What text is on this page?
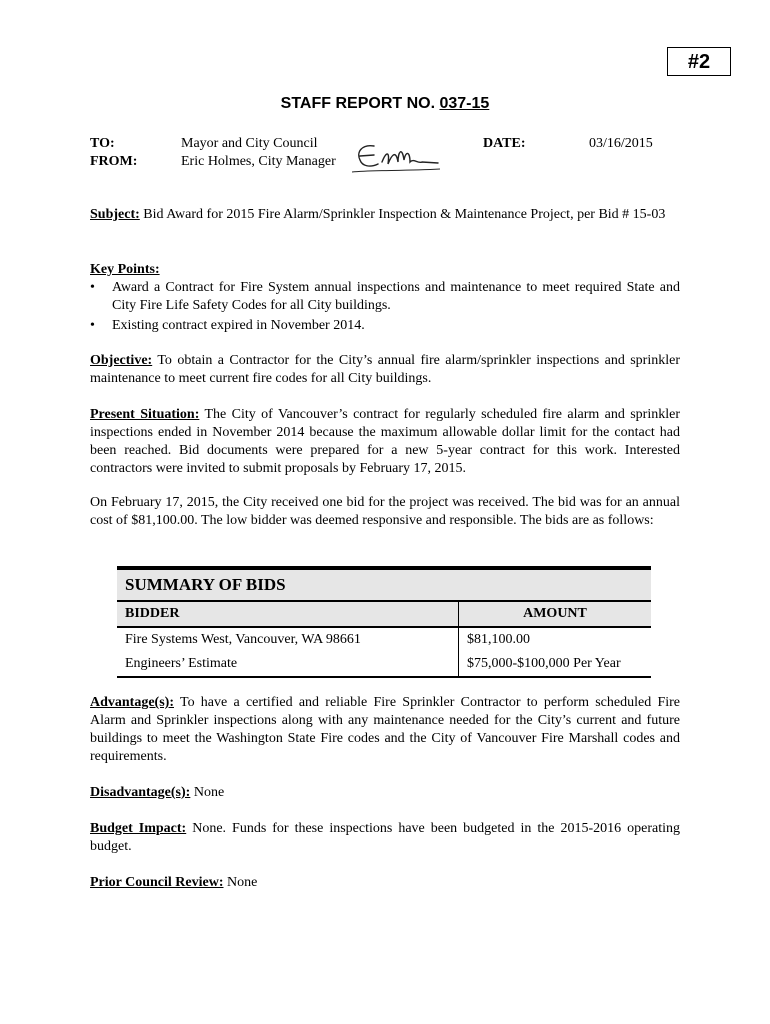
#2
STAFF REPORT NO. 037-15
TO:	Mayor and City Council
FROM:	Eric Holmes, City Manager
DATE:	03/16/2015
Subject: Bid Award for 2015 Fire Alarm/Sprinkler Inspection & Maintenance Project, per Bid # 15-03
Key Points:
• Award a Contract for Fire System annual inspections and maintenance to meet required State and City Fire Life Safety Codes for all City buildings.
• Existing contract expired in November 2014.
Objective: To obtain a Contractor for the City’s annual fire alarm/sprinkler inspections and sprinkler maintenance to meet current fire codes for all City buildings.
Present Situation: The City of Vancouver’s contract for regularly scheduled fire alarm and sprinkler inspections ended in November 2014 because the maximum allowable dollar limit for the contact had been reached. Bid documents were prepared for a new 5-year contract for this work. Interested contractors were invited to submit proposals by February 17, 2015.
On February 17, 2015, the City received one bid for the project was received. The bid was for an annual cost of $81,100.00. The low bidder was deemed responsive and responsible. The bids are as follows:
SUMMARY OF BIDS	
BIDDER	AMOUNT
Fire Systems West, Vancouver, WA 98661	$81,100.00
Engineers’ Estimate	$75,000-$100,000 Per Year
Advantage(s): To have a certified and reliable Fire Sprinkler Contractor to perform scheduled Fire Alarm and Sprinkler inspections along with any maintenance needed for the City’s current and future buildings to meet the Washington State Fire codes and the City of Vancouver Fire Marshall codes and requirements.
Disadvantage(s): None
Budget Impact: None. Funds for these inspections have been budgeted in the 2015-2016 operating budget.
Prior Council Review: None
